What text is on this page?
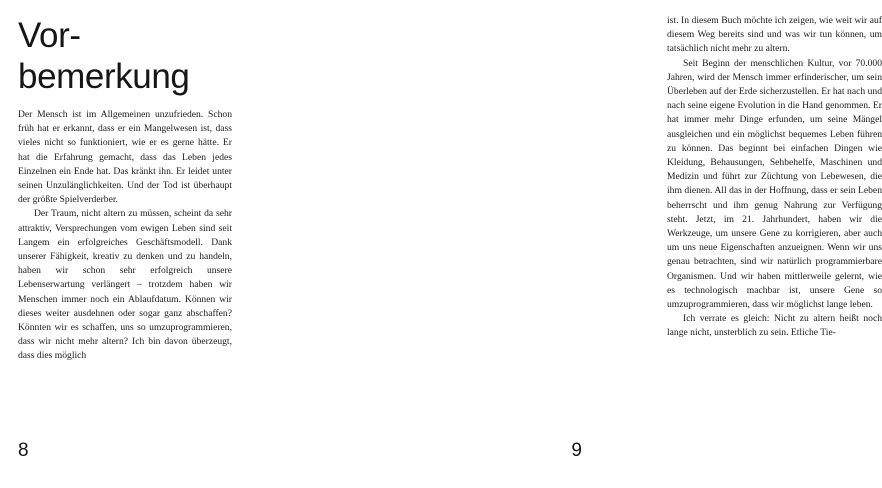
Vor-
bemerkung

Der Mensch ist im Allgemeinen unzufrieden. Schon früh hat er erkannt, dass er ein Mangelwesen ist, dass vieles nicht so funktioniert, wie er es gerne hätte. Er hat die Erfahrung gemacht, dass das Leben jedes Einzelnen ein Ende hat. Das kränkt ihn. Er leidet unter seinen Unzulänglichkeiten. Und der Tod ist überhaupt der größte Spielverderber.

Der Traum, nicht altern zu müssen, scheint da sehr attraktiv, Versprechungen vom ewigen Leben sind seit Langem ein erfolgreiches Geschäftsmodell. Dank unserer Fähigkeit, kreativ zu denken und zu handeln, haben wir schon sehr erfolgreich unsere Lebenserwartung verlängert – trotzdem haben wir Menschen immer noch ein Ablaufdatum. Können wir dieses weiter ausdehnen oder sogar ganz abschaffen? Könnten wir es schaffen, uns so umzuprogrammieren, dass wir nicht mehr altern? Ich bin davon überzeugt, dass dies möglich

8

ist. In diesem Buch möchte ich zeigen, wie weit wir auf diesem Weg bereits sind und was wir tun können, um tatsächlich nicht mehr zu altern.

Seit Beginn der menschlichen Kultur, vor 70.000 Jahren, wird der Mensch immer erfinderischer, um sein Überleben auf der Erde sicherzustellen. Er hat nach und nach seine eigene Evolution in die Hand genommen. Er hat immer mehr Dinge erfunden, um seine Mängel ausgleichen und ein möglichst bequemes Leben führen zu können. Das beginnt bei einfachen Dingen wie Kleidung, Behausungen, Sehbehelfe, Maschinen und Medizin und führt zur Züchtung von Lebewesen, die ihm dienen. All das in der Hoffnung, dass er sein Leben beherrscht und ihm genug Nahrung zur Verfügung steht. Jetzt, im 21. Jahrhundert, haben wir die Werkzeuge, um unsere Gene zu korrigieren, aber auch um uns neue Eigenschaften anzueignen. Wenn wir uns genau betrachten, sind wir natürlich programmierbare Organismen. Und wir haben mittlerweile gelernt, wie es technologisch machbar ist, unsere Gene so umzuprogrammieren, dass wir möglichst lange leben.

Ich verrate es gleich: Nicht zu altern heißt noch lange nicht, unsterblich zu sein. Etliche Tie-

9
